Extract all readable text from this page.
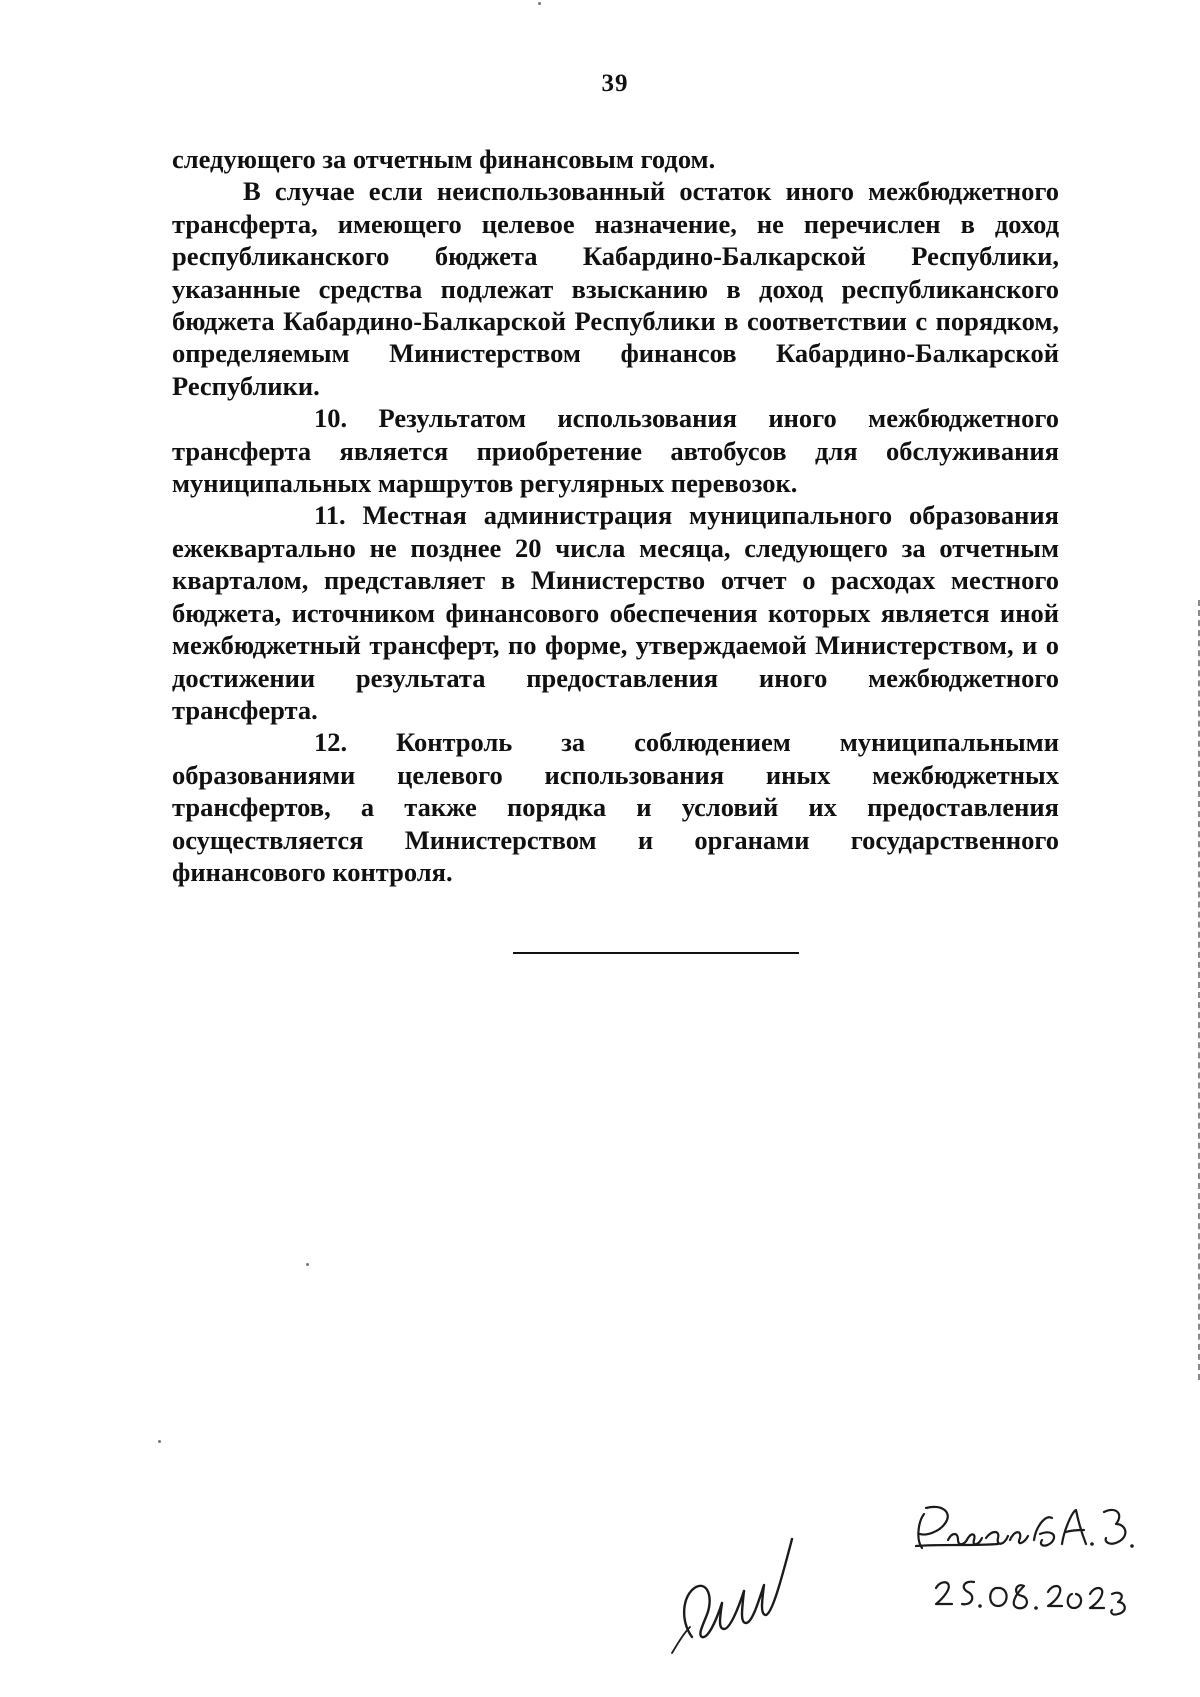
39

следующего за отчетным финансовым годом.

В случае если неиспользованный остаток иного межбюджетного трансферта, имеющего целевое назначение, не перечислен в доход республиканского бюджета Кабардино-Балкарской Республики, указанные средства подлежат взысканию в доход республиканского бюджета Кабардино-Балкарской Республики в соответствии с порядком, определяемым Министерством финансов Кабардино-Балкарской Республики.

10. Результатом использования иного межбюджетного трансферта является приобретение автобусов для обслуживания муниципальных маршрутов регулярных перевозок.

11. Местная администрация муниципального образования ежеквартально не позднее 20 числа месяца, следующего за отчетным кварталом, представляет в Министерство отчет о расходах местного бюджета, источником финансового обеспечения которых является иной межбюджетный трансферт, по форме, утверждаемой Министерством, и о достижении результата предоставления иного межбюджетного трансферта.

12. Контроль за соблюдением муниципальными образованиями целевого использования иных межбюджетных трансфертов, а также порядка и условий их предоставления осуществляется Министерством и органами государственного финансового контроля.
